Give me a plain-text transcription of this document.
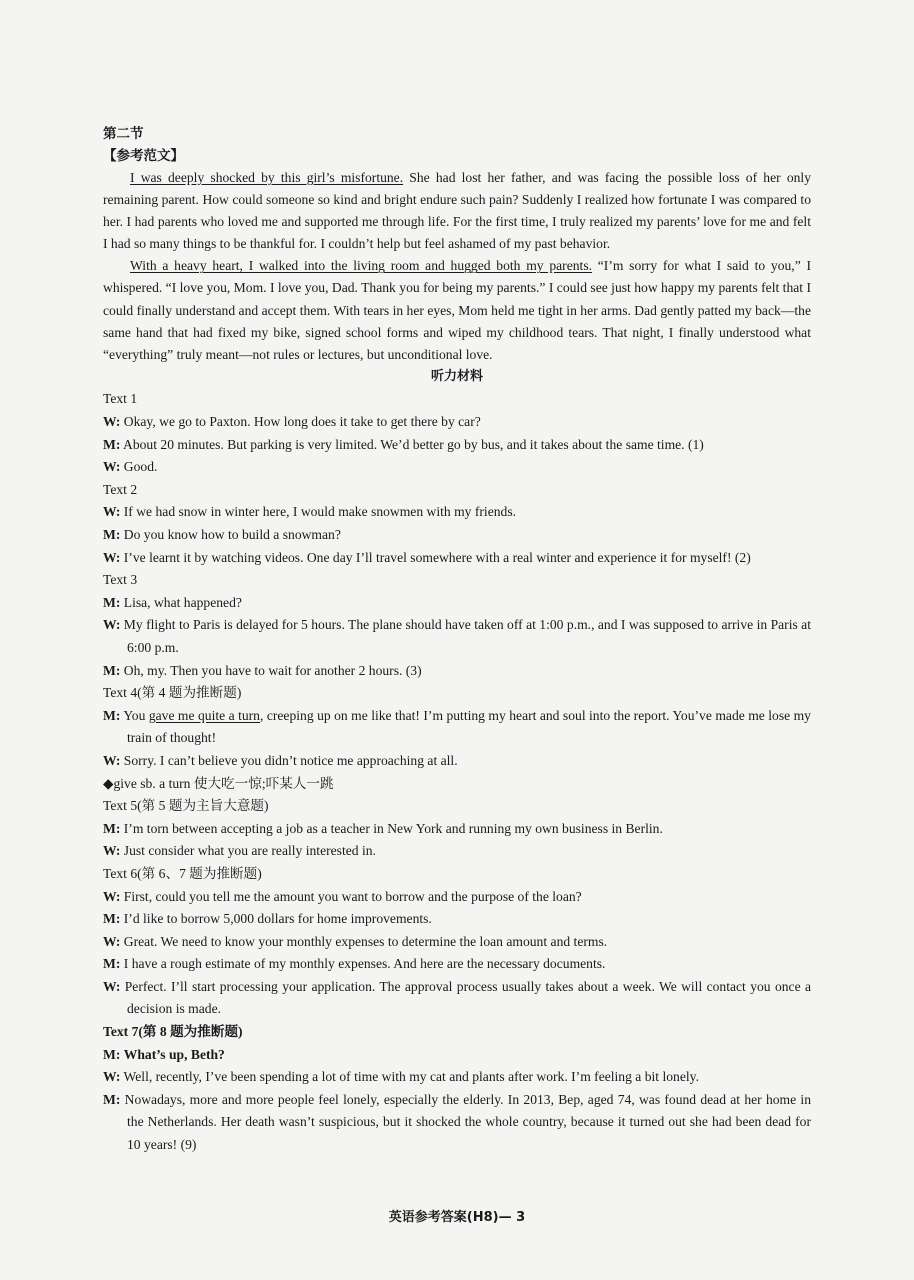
第二节
【参考范文】

I was deeply shocked by this girl’s misfortune. She had lost her father, and was facing the possible loss of her only remaining parent. How could someone so kind and bright endure such pain? Suddenly I realized how fortunate I was compared to her. I had parents who loved me and supported me through life. For the first time, I truly realized my parents’ love for me and felt I had so many things to be thankful for. I couldn’t help but feel ashamed of my past behavior.

With a heavy heart, I walked into the living room and hugged both my parents. “I’m sorry for what I said to you,” I whispered. “I love you, Mom. I love you, Dad. Thank you for being my parents.” I could see just how happy my parents felt that I could finally understand and accept them. With tears in her eyes, Mom held me tight in her arms. Dad gently patted my back—the same hand that had fixed my bike, signed school forms and wiped my childhood tears. That night, I finally understood what “everything” truly meant—not rules or lectures, but unconditional love.

听力材料
Text 1
W: Okay, we go to Paxton. How long does it take to get there by car?
M: About 20 minutes. But parking is very limited. We’d better go by bus, and it takes about the same time. (1)
W: Good.
Text 2
W: If we had snow in winter here, I would make snowmen with my friends.
M: Do you know how to build a snowman?
W: I’ve learnt it by watching videos. One day I’ll travel somewhere with a real winter and experience it for myself! (2)
Text 3
M: Lisa, what happened?
W: My flight to Paris is delayed for 5 hours. The plane should have taken off at 1:00 p.m., and I was supposed to arrive in Paris at 6:00 p.m.
M: Oh, my. Then you have to wait for another 2 hours. (3)
Text 4(第 4 题为推断题)
M: You gave me quite a turn, creeping up on me like that! I’m putting my heart and soul into the report. You’ve made me lose my train of thought!
W: Sorry. I can’t believe you didn’t notice me approaching at all.
◆give sb. a turn 使大吃一惊;吓某人一跳
Text 5(第 5 题为主旨大意题)
M: I’m torn between accepting a job as a teacher in New York and running my own business in Berlin.
W: Just consider what you are really interested in.
Text 6(第 6、7 题为推断题)
W: First, could you tell me the amount you want to borrow and the purpose of the loan?
M: I’d like to borrow 5,000 dollars for home improvements.
W: Great. We need to know your monthly expenses to determine the loan amount and terms.
M: I have a rough estimate of my monthly expenses. And here are the necessary documents.
W: Perfect. I’ll start processing your application. The approval process usually takes about a week. We will contact you once a decision is made.
Text 7(第 8 题为推断题)
M: What’s up, Beth?
W: Well, recently, I’ve been spending a lot of time with my cat and plants after work. I’m feeling a bit lonely.
M: Nowadays, more and more people feel lonely, especially the elderly. In 2013, Bep, aged 74, was found dead at her home in the Netherlands. Her death wasn’t suspicious, but it shocked the whole country, because it turned out she had been dead for 10 years! (9)
英语参考答案(H8)— 3
